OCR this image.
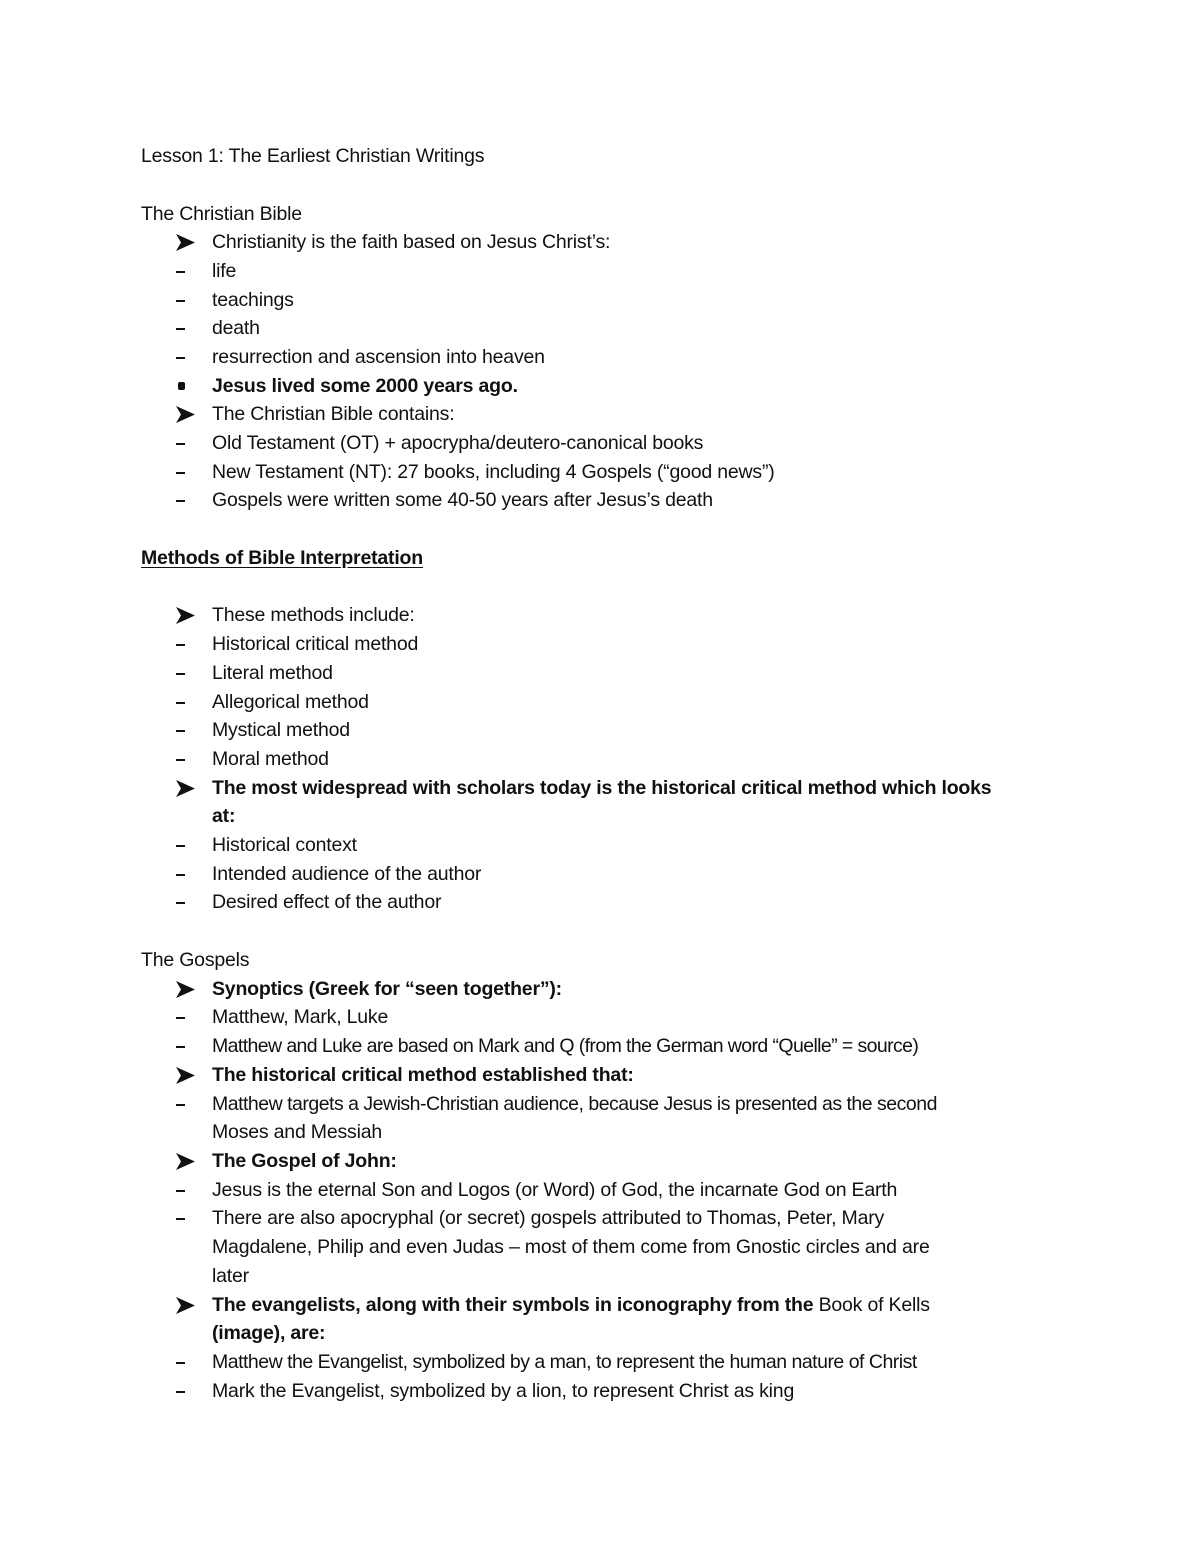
Lesson 1: The Earliest Christian Writings
The Christian Bible
Christianity is the faith based on Jesus Christ’s:
life
teachings
death
resurrection and ascension into heaven
Jesus lived some 2000 years ago.
The Christian Bible contains:
Old Testament (OT) + apocrypha/deutero-canonical books
New Testament (NT): 27 books, including 4 Gospels (“good news”)
Gospels were written some 40-50 years after Jesus’s death
Methods of Bible Interpretation
These methods include:
Historical critical method
Literal method
Allegorical method
Mystical method
Moral method
The most widespread with scholars today is the historical critical method which looks
at:
Historical context
Intended audience of the author
Desired effect of the author
The Gospels
Synoptics (Greek for “seen together”):
Matthew, Mark, Luke
Matthew and Luke are based on Mark and Q (from the German word “Quelle” = source)
The historical critical method established that:
Matthew targets a Jewish-Christian audience, because Jesus is presented as the second
Moses and Messiah
The Gospel of John:
Jesus is the eternal Son and Logos (or Word) of God, the incarnate God on Earth
There are also apocryphal (or secret) gospels attributed to Thomas, Peter, Mary
Magdalene, Philip and even Judas – most of them come from Gnostic circles and are
later
The evangelists, along with their symbols in iconography from the Book of Kells
(image), are:
Matthew the Evangelist, symbolized by a man, to represent the human nature of Christ
Mark the Evangelist, symbolized by a lion, to represent Christ as king
